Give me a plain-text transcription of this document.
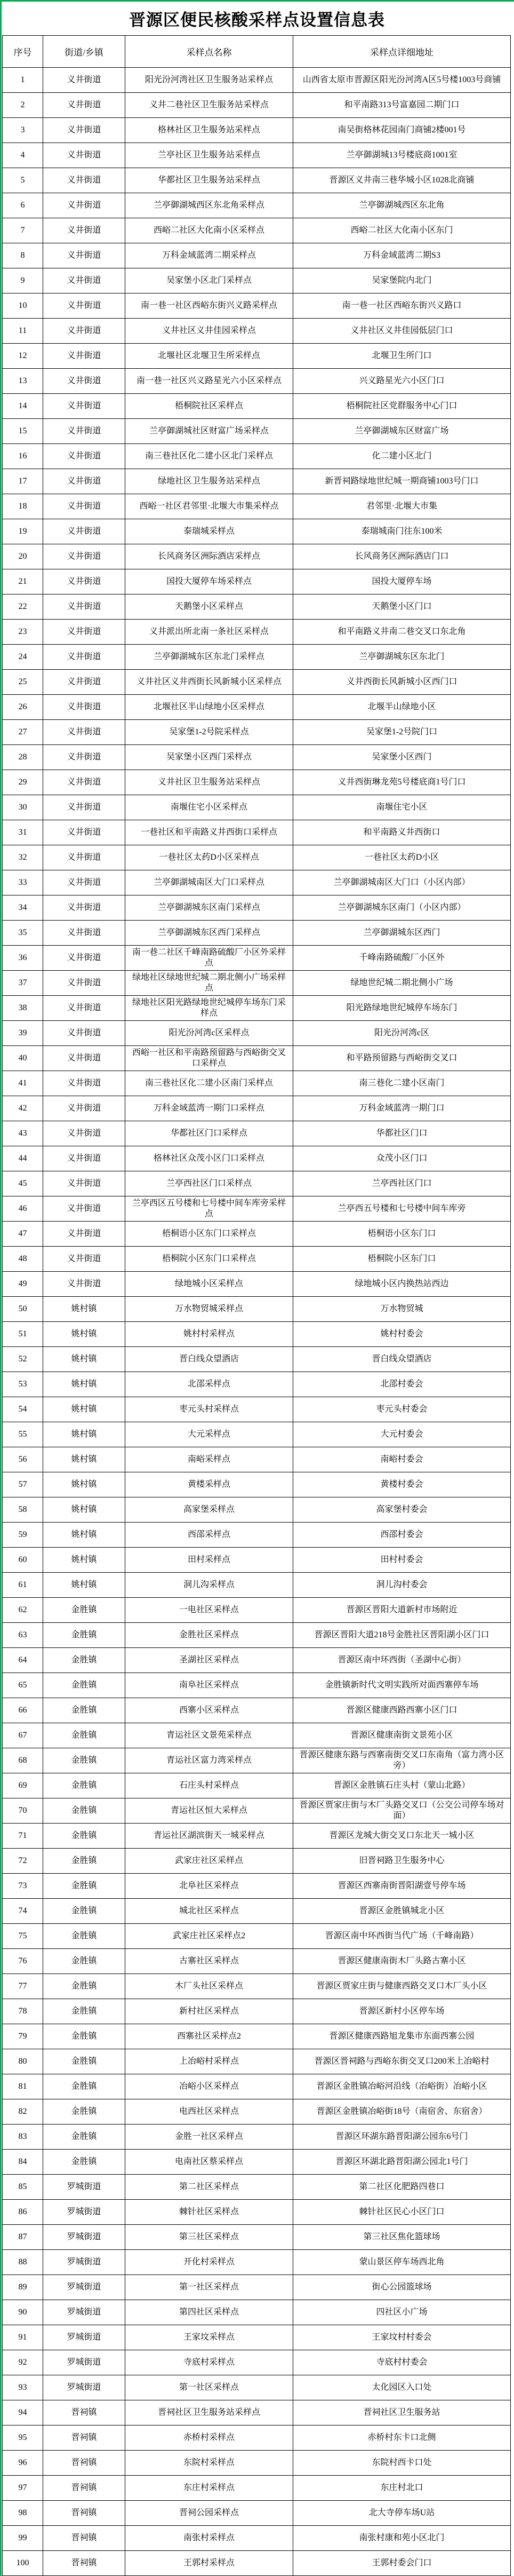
晋源区便民核酸采样点设置信息表
序号	街道/乡镇	采样点名称	采样点详细地址
1	义井街道	阳光汾河湾社区卫生服务站采样点	山西省太原市晋源区阳光汾河湾A区5号楼1003号商铺
2	义井街道	义井二巷社区卫生服务站采样点	和平南路313号富嘉园二期门口
3	义井街道	格林社区卫生服务站采样点	南吴街格林花园南门商铺2楼001号
4	义井街道	兰亭社区卫生服务站采样点	兰亭御湖城13号楼底商1001室
5	义井街道	华都社区卫生服务站采样点	晋源区义井南三巷华城小区1028北商铺
6	义井街道	兰亭御湖城西区东北角采样点	兰亭御湖城西区东北角
7	义井街道	西峪二社区大化南小区采样点	西峪二社区大化南小区东门
8	义井街道	万科金域蓝湾二期采样点	万科金域蓝湾二期S3
9	义井街道	吴家堡小区北门采样点	吴家堡院内北门
10	义井街道	南一巷一社区西峪东街兴义路采样点	南一巷一社区西峪东街兴义路口
11	义井街道	义井社区义井佳园采样点	义井社区义井佳园低层门口
12	义井街道	北堰社区北堰卫生所采样点	北堰卫生所门口
13	义井街道	南一巷一社区兴义路星光六小区采样点	兴义路星光六小区门口
14	义井街道	梧桐院社区采样点	梧桐院社区党群服务中心门口
15	义井街道	兰亭御湖城社区财富广场采样点	兰亭御湖城东区财富广场
16	义井街道	南三巷社区化二建小区北门采样点	化二建小区北门
17	义井街道	绿地社区卫生服务站采样点	新晋祠路绿地世纪城一期商铺1003号门口
18	义井街道	西峪一社区君邻里·北堰大市集采样点	君邻里·北堰大市集
19	义井街道	泰瑞城采样点	泰瑞城南门往东100米
20	义井街道	长风商务区洲际酒店采样点	长风商务区洲际酒店门口
21	义井街道	国投大厦停车场采样点	国投大厦停车场
22	义井街道	天鹅堡小区采样点	天鹅堡小区门口
23	义井街道	义井派出所北南一条社区采样点	和平南路义井南二巷交叉口东北角
24	义井街道	兰亭御湖城东区东北门采样点	兰亭御湖城东区东北门
25	义井街道	义井社区义井西街长风新城小区采样点	义井西街长风新城小区西门口
26	义井街道	北堰社区半山绿地小区采样点	北堰半山绿地小区
27	义井街道	吴家堡1-2号院采样点	吴家堡1-2号院门口
28	义井街道	吴家堡小区西门采样点	吴家堡小区西门
29	义井街道	义井社区卫生服务站采样点	义井西街琳龙苑5号楼底商1号门口
30	义井街道	南堰住宅小区采样点	南堰住宅小区
31	义井街道	一巷社区和平南路义井西街口采样点	和平南路义井西街口
32	义井街道	一巷社区太药D小区采样点	一巷社区太药D小区
33	义井街道	兰亭御湖城南区大门口采样点	兰亭御湖城南区大门口（小区内部）
34	义井街道	兰亭御湖城东区南门采样点	兰亭御湖城东区南门（小区内部）
35	义井街道	兰亭御湖城东区西门采样点	兰亭御湖城东区西门
36	义井街道	南一巷二社区千峰南路硫酸厂小区外采样点	千峰南路硫酸厂小区外
37	义井街道	绿地社区绿地世纪城二期北侧小广场采样点	绿地世纪城二期北侧小广场
38	义井街道	绿地社区阳光路绿地世纪城停车场东门采样点	阳光路绿地世纪城停车场东门
39	义井街道	阳光汾河湾c区采样点	阳光汾河湾c区
40	义井街道	西峪一社区和平南路预留路与西峪街交叉口采样点	和平路预留路与西峪街交叉口
41	义井街道	南三巷社区化二建小区南门采样点	南三巷化二建小区南门
42	义井街道	万科金域蓝湾一期门口采样点	万科金域蓝湾一期门口
43	义井街道	华都社区门口采样点	华都社区门口
44	义井街道	格林社区众茂小区门口采样点	众茂小区门口
45	义井街道	兰亭西社区门口采样点	兰亭西社区门口
46	义井街道	兰亭西区五号楼和七号楼中间车库旁采样点	兰亭西五号楼和七号楼中间车库旁
47	义井街道	梧桐语小区东门口采样点	梧桐语小区东门口
48	义井街道	梧桐院小区东门口采样点	梧桐院小区东门口
49	义井街道	绿地城小区采样点	绿地城小区内换热站西边
50	姚村镇	万水物贸城采样点	万水物贸城
51	姚村镇	姚村村采样点	姚村村委会
52	姚村镇	晋白线众望酒店	晋白线众望酒店
53	姚村镇	北邵采样点	北邵村委会
54	姚村镇	枣元头村采样点	枣元头村委会
55	姚村镇	大元采样点	大元村委会
56	姚村镇	南峪采样点	南峪村委会
57	姚村镇	黄楼采样点	黄楼村委会
58	姚村镇	高家堡采样点	高家堡村委会
59	姚村镇	西邵采样点	西邵村委会
60	姚村镇	田村采样点	田村村委会
61	姚村镇	洞儿沟采样点	洞儿沟村委会
62	金胜镇	一电社区采样点	晋源区晋阳大道新村市场附近
63	金胜镇	金胜社区采样点	晋源区晋阳大道218号金胜社区晋阳湖小区门口
64	金胜镇	圣湖社区采样点	晋源区南中环西街（圣湖中心街）
65	金胜镇	南阜社区采样点	金胜镇新时代文明实践所对面西寨停车场
66	金胜镇	西寨小区采样点	晋源区健康西路西寨小区门口
67	金胜镇	青运社区文景苑采样点	晋源区健康南街文景苑小区
68	金胜镇	青运社区富力湾采样点	晋源区健康东路与西寨南街交叉口东南角（富力湾小区旁）
69	金胜镇	石庄头村采样点	晋源区金胜镇石庄头村（蒙山北路）
70	金胜镇	青运社区恒大采样点	晋源区贾家庄街与木厂头路交叉口（公交公司停车场对面）
71	金胜镇	青运社区湖滨街天一城采样点	晋源区龙城大街交叉口东北天一城小区
72	金胜镇	武家庄社区采样点	旧晋祠路卫生服务中心
73	金胜镇	北阜社区采样点	晋源区西寨南街晋阳湖壹号停车场
74	金胜镇	城北社区采样点	晋源区金胜镇城北小区
75	金胜镇	武家庄社区采样点2	晋源区南中环西街当代广场（千峰南路）
76	金胜镇	古寨社区采样点	晋源区健康南街木厂头路古寨小区
77	金胜镇	木厂头社区采样点	晋源区贾家庄街与健康西路交叉口木厂头小区
78	金胜镇	新村社区采样点	晋源区新村小区停车场
79	金胜镇	西寨社区采样点2	晋源区健康西路旭龙集市东面西寨公园
80	金胜镇	上冶峪村采样点	晋源区晋祠路与西峪东街交叉口200米上冶峪村
81	金胜镇	冶峪小区采样点	晋源区金胜镇冶峪河沿线（冶峪街）冶峪小区
82	金胜镇	电西社区采样点	晋源区金胜镇冶峪街18号（南宿舍、东宿舍）
83	金胜镇	金胜一社区采样点	晋源区环湖东路晋阳湖公园东6号门
84	金胜镇	电南社区蔡采样点	晋源区环湖北路晋阳湖公园北1号门
85	罗城街道	第二社区采样点	第二社区化肥路四巷口
86	罗城街道	棘针社区采样点	棘针社区民心小区门口
87	罗城街道	第三社区采样点	第三社区焦化篮球场
88	罗城街道	开化村采样点	蒙山景区停车场西北角
89	罗城街道	第一社区采样点	街心公园篮球场
90	罗城街道	第四社区采样点	四社区小广场
91	罗城街道	王家坟采样点	王家坟村村委会
92	罗城街道	寺底村采样点	寺底村村委会
93	罗城街道	第一社区采样点	太化园区入口处
94	晋祠镇	晋祠社区卫生服务站采样点	晋祠社区卫生服务站
95	晋祠镇	赤桥村采样点	赤桥村东卡口北侧
96	晋祠镇	东院村采样点	东院村西卡口处
97	晋祠镇	东庄村采样点	东庄村北口
98	晋祠镇	晋祠公园采样点	北大寺停车场U站
99	晋祠镇	南张村采样点	南张村康和苑小区北门
100	晋祠镇	王郭村采样点	王郭村委会门口
